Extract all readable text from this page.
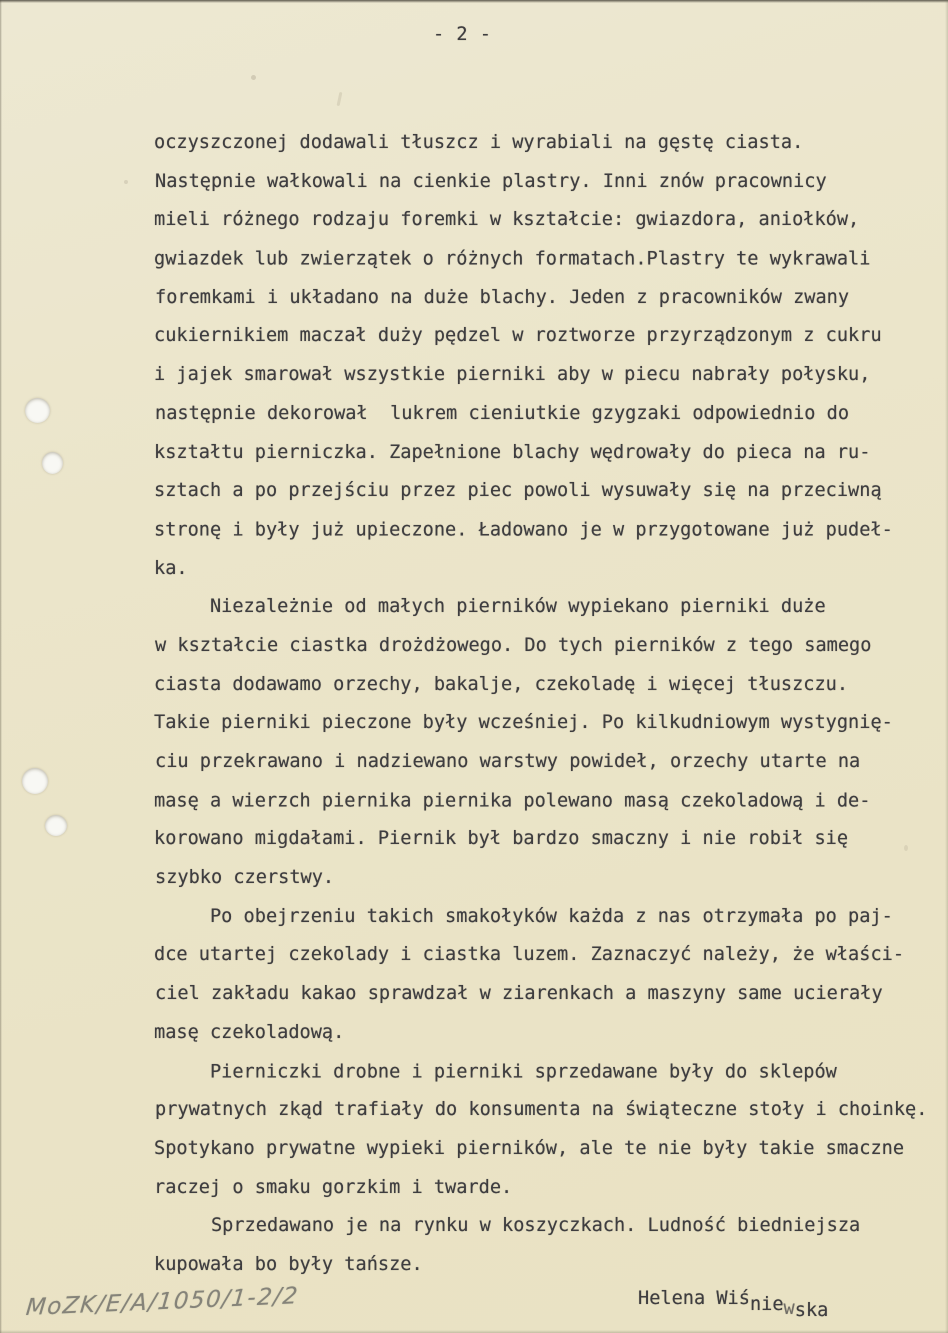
- 2 -
oczyszczonej dodawali tłuszcz i wyrabiali na gęstę ciasta.
Następnie wałkowali na cienkie plastry. Inni znów pracownicy
mieli różnego rodzaju foremki w kształcie: gwiazdora, aniołków,
gwiazdek lub zwierzątek o różnych formatach.Plastry te wykrawali
foremkami i układano na duże blachy. Jeden z pracowników zwany
cukiernikiem maczał duży pędzel w roztworze przyrządzonym z cukru
i jajek smarował wszystkie pierniki aby w piecu nabrały połysku,
następnie dekorował  lukrem cieniutkie gzygzaki odpowiednio do
kształtu pierniczka. Zapełnione blachy wędrowały do pieca na ru-
sztach a po przejściu przez piec powoli wysuwały się na przeciwną
stronę i były już upieczone. Ładowano je w przygotowane już pudeł-
ka.
Niezależnie od małych pierników wypiekano pierniki duże
w kształcie ciastka drożdżowego. Do tych pierników z tego samego
ciasta dodawamo orzechy, bakalje, czekoladę i więcej tłuszczu.
Takie pierniki pieczone były wcześniej. Po kilkudniowym wystygnię-
ciu przekrawano i nadziewano warstwy powideł, orzechy utarte na
masę a wierzch piernika piernika polewano masą czekoladową i de-
korowano migdałami. Piernik był bardzo smaczny i nie robił się
szybko czerstwy.
Po obejrzeniu takich smakołyków każda z nas otrzymała po paj-
dce utartej czekolady i ciastka luzem. Zaznaczyć należy, że właści-
ciel zakładu kakao sprawdzał w ziarenkach a maszyny same ucierały
masę czekoladową.
Pierniczki drobne i pierniki sprzedawane były do sklepów
prywatnych zkąd trafiały do konsumenta na świąteczne stoły i choinkę.
Spotykano prywatne wypieki pierników, ale te nie były takie smaczne
raczej o smaku gorzkim i twarde.
Sprzedawano je na rynku w koszyczkach. Ludność biedniejsza
kupowała bo były tańsze.
Helena Wiśniewska
MoZK/E/A/1050/1-2/2
